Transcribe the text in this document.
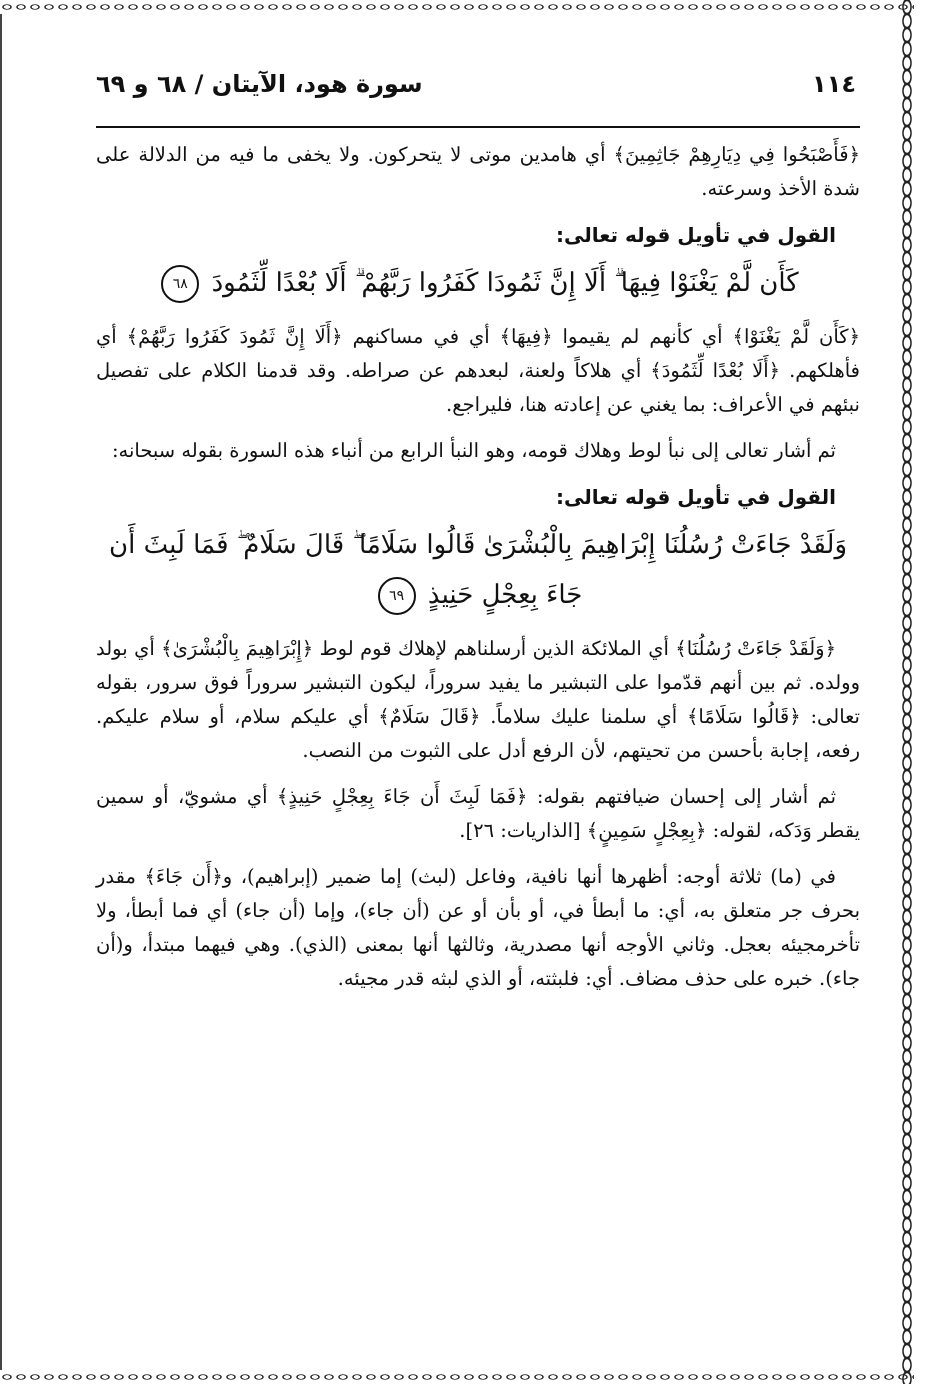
١١٤
سورة هود، الآيتان / ٦٨ و ٦٩

﴿فَأَصْبَحُوا فِي دِيَارِهِمْ جَاثِمِينَ﴾ أي هامدين موتى لا يتحركون. ولا يخفى ما فيه من الدلالة على شدة الأخذ وسرعته.

القول في تأويل قوله تعالى:
كَأَن لَّمْ يَغْنَوْا فِيهَا ۗ أَلَا إِنَّ ثَمُودَا كَفَرُوا رَبَّهُمْ ۗ أَلَا بُعْدًا لِّثَمُودَ ٦٨

﴿كَأَن لَّمْ يَغْنَوْا﴾ أي كأنهم لم يقيموا ﴿فِيهَا﴾ أي في مساكنهم ﴿أَلَا إِنَّ ثَمُودَ كَفَرُوا رَبَّهُمْ﴾ أي فأهلكهم. ﴿أَلَا بُعْدًا لِّثَمُودَ﴾ أي هلاكاً ولعنة، لبعدهم عن صراطه. وقد قدمنا الكلام على تفصيل نبئهم في الأعراف: بما يغني عن إعادته هنا، فليراجع.

ثم أشار تعالى إلى نبأ لوط وهلاك قومه، وهو النبأ الرابع من أنباء هذه السورة بقوله سبحانه:

القول في تأويل قوله تعالى:
وَلَقَدْ جَاءَتْ رُسُلُنَا إِبْرَاهِيمَ بِالْبُشْرَىٰ قَالُوا سَلَامًا ۖ قَالَ سَلَامٌ ۖ فَمَا لَبِثَ أَن جَاءَ بِعِجْلٍ حَنِيذٍ ٦٩

﴿وَلَقَدْ جَاءَتْ رُسُلُنَا﴾ أي الملائكة الذين أرسلناهم لإهلاك قوم لوط ﴿إِبْرَاهِيمَ بِالْبُشْرَىٰ﴾ أي بولد وولده. ثم بين أنهم قدّموا على التبشير ما يفيد سروراً، ليكون التبشير سروراً فوق سرور، بقوله تعالى: ﴿قَالُوا سَلَامًا﴾ أي سلمنا عليك سلاماً. ﴿قَالَ سَلَامٌ﴾ أي عليكم سلام، أو سلام عليكم. رفعه، إجابة بأحسن من تحيتهم، لأن الرفع أدل على الثبوت من النصب.

ثم أشار إلى إحسان ضيافتهم بقوله: ﴿فَمَا لَبِثَ أَن جَاءَ بِعِجْلٍ حَنِيذٍ﴾ أي مشويّ، أو سمين يقطر وَدَكه، لقوله: ﴿بِعِجْلٍ سَمِينٍ﴾ [الذاريات: ٢٦].

في (ما) ثلاثة أوجه: أظهرها أنها نافية، وفاعل (لبث) إما ضمير (إبراهيم)، و﴿أَن جَاءَ﴾ مقدر بحرف جر متعلق به، أي: ما أبطأ في، أو بأن أو عن (أن جاء)، وإما (أن جاء) أي فما أبطأ، ولا تأخرمجيئه بعجل. وثاني الأوجه أنها مصدرية، وثالثها أنها بمعنى (الذي). وهي فيهما مبتدأ، و(أن جاء). خبره على حذف مضاف. أي: فلبثته، أو الذي لبثه قدر مجيئه.
